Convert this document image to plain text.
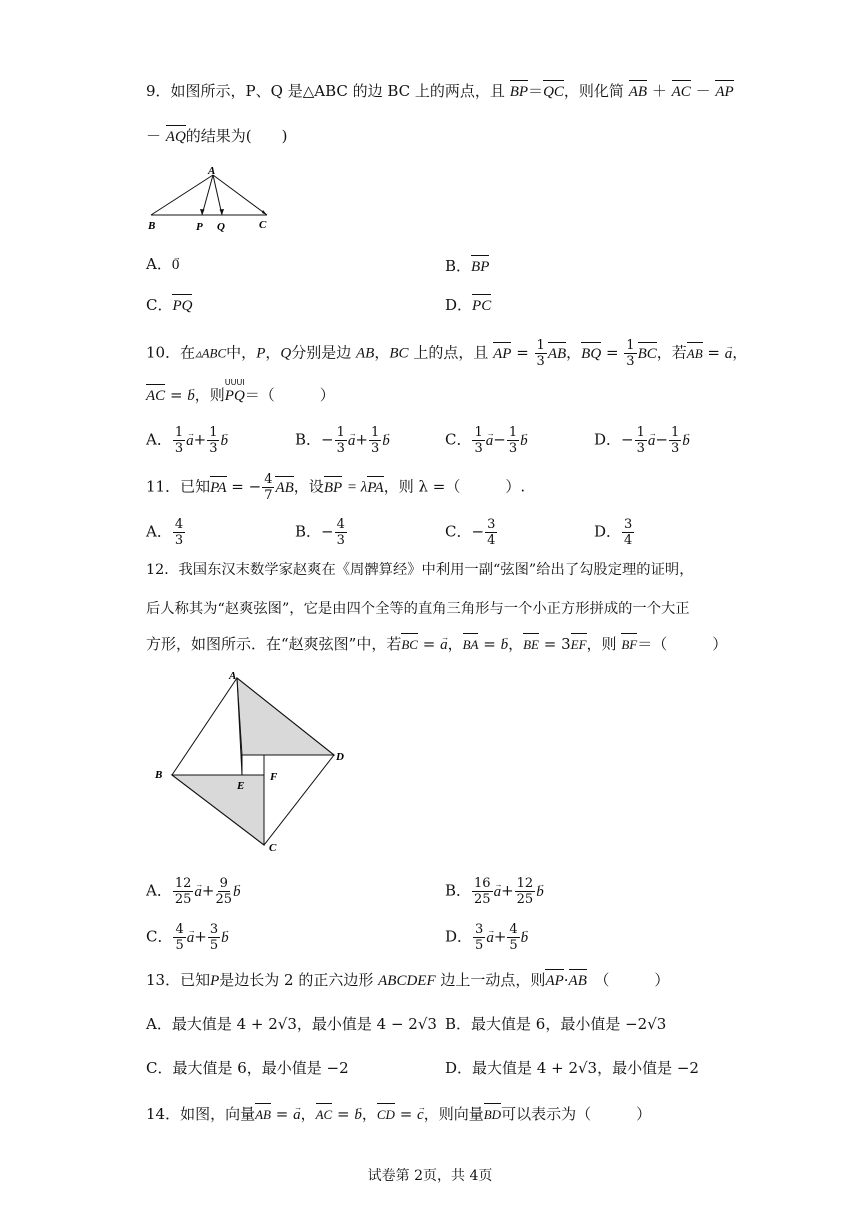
9．如图所示，P、Q 是△ABC 的边 BC 上的两点，且 BP＝QC，则化简 AB ＋ AC － AP
－ AQ的结果为(　　)
A
B	P Q	C
A．0 →	B．BP
C．PQ	D．PC
10．在▵ABC中，P，Q分别是边 AB，BC 上的点，且 AP = $\frac{1}{3}$ AB，BQ = $\frac{1}{3}$ BC，若AB = a →，
AC = b →，则
UUUI
PQ＝（　　　）
A． $\frac{1}{3}$ $a \to+ \frac{1}{3}$ b →	B．− $\frac{1}{3}$ $a \to+ \frac{1}{3}$ b →	C． $\frac{1}{3}$ $a \to- \frac{1}{3}$ b →	D．− $\frac{1}{3}$ $a \to- \frac{1}{3}$ b →
11．已知PA = − $\frac{4}{7}$ AB，设BP = λPA，则 λ =（　　　）.
A． $\frac{4}{3}$	B．− $\frac{4}{3}$	C．− $\frac{3}{4}$	D． $\frac{3}{4}$
12．我国东汉末数学家赵爽在《周髀算经》中利用一副“弦图”给出了勾股定理的证明，
后人称其为“赵爽弦图”，它是由四个全等的直角三角形与一个小正方形拼成的一个大正
方形，如图所示．在“赵爽弦图”中，若BC = a →，BA = b →，BE = 3EF，则 BF＝（　　　）
A
B
C
D
E
F
A． $\frac{12}{25}$ $a \to+ \frac{9}{25}$ b →	B． $\frac{16}{25}$ $a \to+ \frac{12}{25}$ b →
C． $\frac{4}{5}$ $a \to+ \frac{3}{5}$ b →	D． $\frac{3}{5}$ $a \to+ \frac{4}{5}$ b →
13．已知P是边长为 2 的正六边形 ABCDEF 边上一动点，则AP·AB　 （　　　）
A．最大值是 4 + 2√3，最小值是 4 − 2√3 B．最大值是 6，最小值是 −2√3
C．最大值是 6，最小值是 −2	D．最大值是 4 + 2√3，最小值是 −2
14．如图，向量AB = a →，AC = b →，CD = c →，则向量BD可以表示为（　　　）
试卷第 2页，共 4页
